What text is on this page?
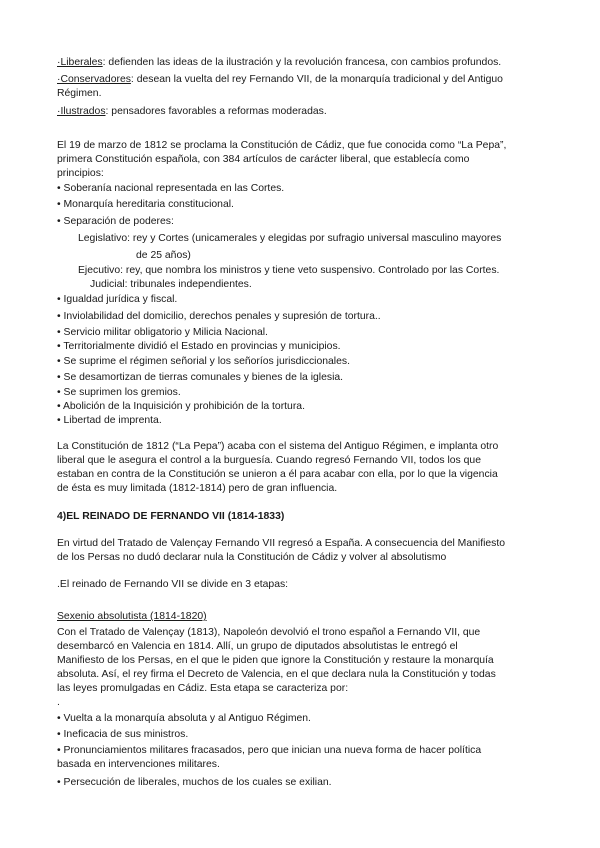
·Liberales: defienden las ideas de la ilustración y la revolución francesa, con cambios profundos.
·Conservadores: desean la vuelta del rey Fernando VII, de la monarquía tradicional y del Antiguo
Régimen.
·Ilustrados: pensadores favorables a reformas moderadas.
El 19 de marzo de 1812 se proclama la Constitución de Cádiz, que fue conocida como “La Pepa”,
primera Constitución española, con 384 artículos de carácter liberal, que establecía como
principios:
• Soberanía nacional representada en las Cortes.
• Monarquía hereditaria constitucional.
• Separación de poderes:
Legislativo: rey y Cortes (unicamerales y elegidas por sufragio universal masculino mayores
de 25 años)
Ejecutivo: rey, que nombra los ministros y tiene veto suspensivo. Controlado por las Cortes.
Judicial: tribunales independientes.
• Igualdad jurídica y fiscal.
• Inviolabilidad del domicilio, derechos penales y supresión de tortura..
• Servicio militar obligatorio y Milicia Nacional.
• Territorialmente dividió el Estado en provincias y municipios.
• Se suprime el régimen señorial y los señoríos jurisdiccionales.
• Se desamortizan de tierras comunales y bienes de la iglesia.
• Se suprimen los gremios.
• Abolición de la Inquisición y prohibición de la tortura.
• Libertad de imprenta.
La Constitución de 1812 (“La Pepa”) acaba con el sistema del Antiguo Régimen, e implanta otro
liberal que le asegura el control a la burguesía. Cuando regresó Fernando VII, todos los que
estaban en contra de la Constitución se unieron a él para acabar con ella, por lo que la vigencia
de ésta es muy limitada (1812-1814) pero de gran influencia.
4)EL REINADO DE FERNANDO VII (1814-1833)
En virtud del Tratado de Valençay Fernando VII regresó a España. A consecuencia del Manifiesto
de los Persas no dudó declarar nula la Constitución de Cádiz y volver al absolutismo
.El reinado de Fernando VII se divide en 3 etapas:
Sexenio absolutista (1814-1820)
Con el Tratado de Valençay (1813), Napoleón devolvió el trono español a Fernando VII, que
desembarcó en Valencia en 1814. Allí, un grupo de diputados absolutistas le entregó el
Manifiesto de los Persas, en el que le piden que ignore la Constitución y restaure la monarquía
absoluta. Así, el rey firma el Decreto de Valencia, en el que declara nula la Constitución y todas
las leyes promulgadas en Cádiz. Esta etapa se caracteriza por:
.
• Vuelta a la monarquía absoluta y al Antiguo Régimen.
• Ineficacia de sus ministros.
• Pronunciamientos militares fracasados, pero que inician una nueva forma de hacer política
basada en intervenciones militares.
• Persecución de liberales, muchos de los cuales se exilian.
